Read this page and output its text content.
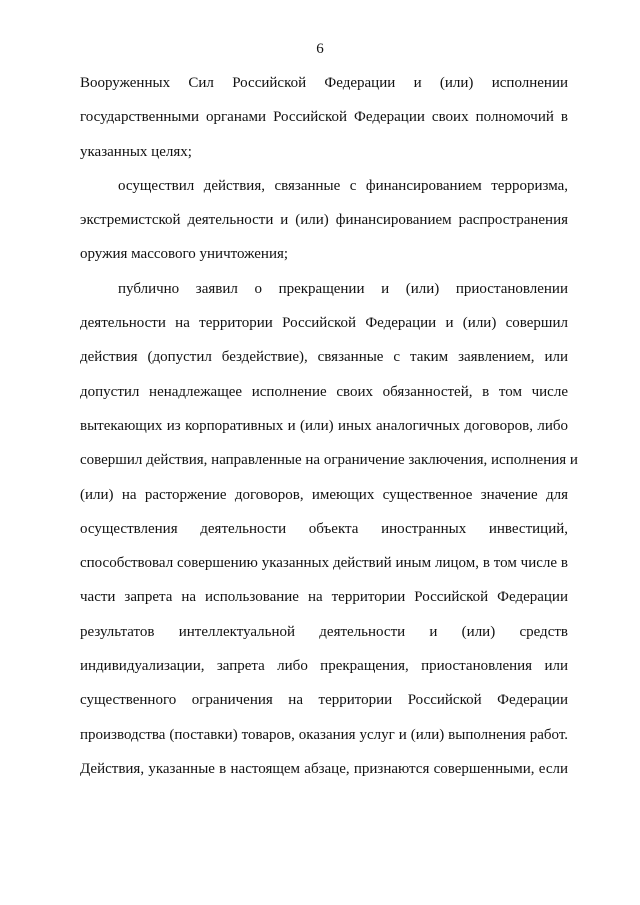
6
Вооруженных Сил Российской Федерации и (или) исполнении
государственными органами Российской Федерации своих полномочий в
указанных целях;
осуществил действия, связанные с финансированием терроризма,
экстремистской деятельности и (или) финансированием распространения
оружия массового уничтожения;
публично заявил о прекращении и (или) приостановлении
деятельности на территории Российской Федерации и (или) совершил
действия (допустил бездействие), связанные с таким заявлением, или
допустил ненадлежащее исполнение своих обязанностей, в том числе
вытекающих из корпоративных и (или) иных аналогичных договоров, либо
совершил действия, направленные на ограничение заключения, исполнения и
(или) на расторжение договоров, имеющих существенное значение для
осуществления деятельности объекта иностранных инвестиций,
способствовал совершению указанных действий иным лицом, в том числе в
части запрета на использование на территории Российской Федерации
результатов интеллектуальной деятельности и (или) средств
индивидуализации, запрета либо прекращения, приостановления или
существенного ограничения на территории Российской Федерации
производства (поставки) товаров, оказания услуг и (или) выполнения работ.
Действия, указанные в настоящем абзаце, признаются совершенными, если
